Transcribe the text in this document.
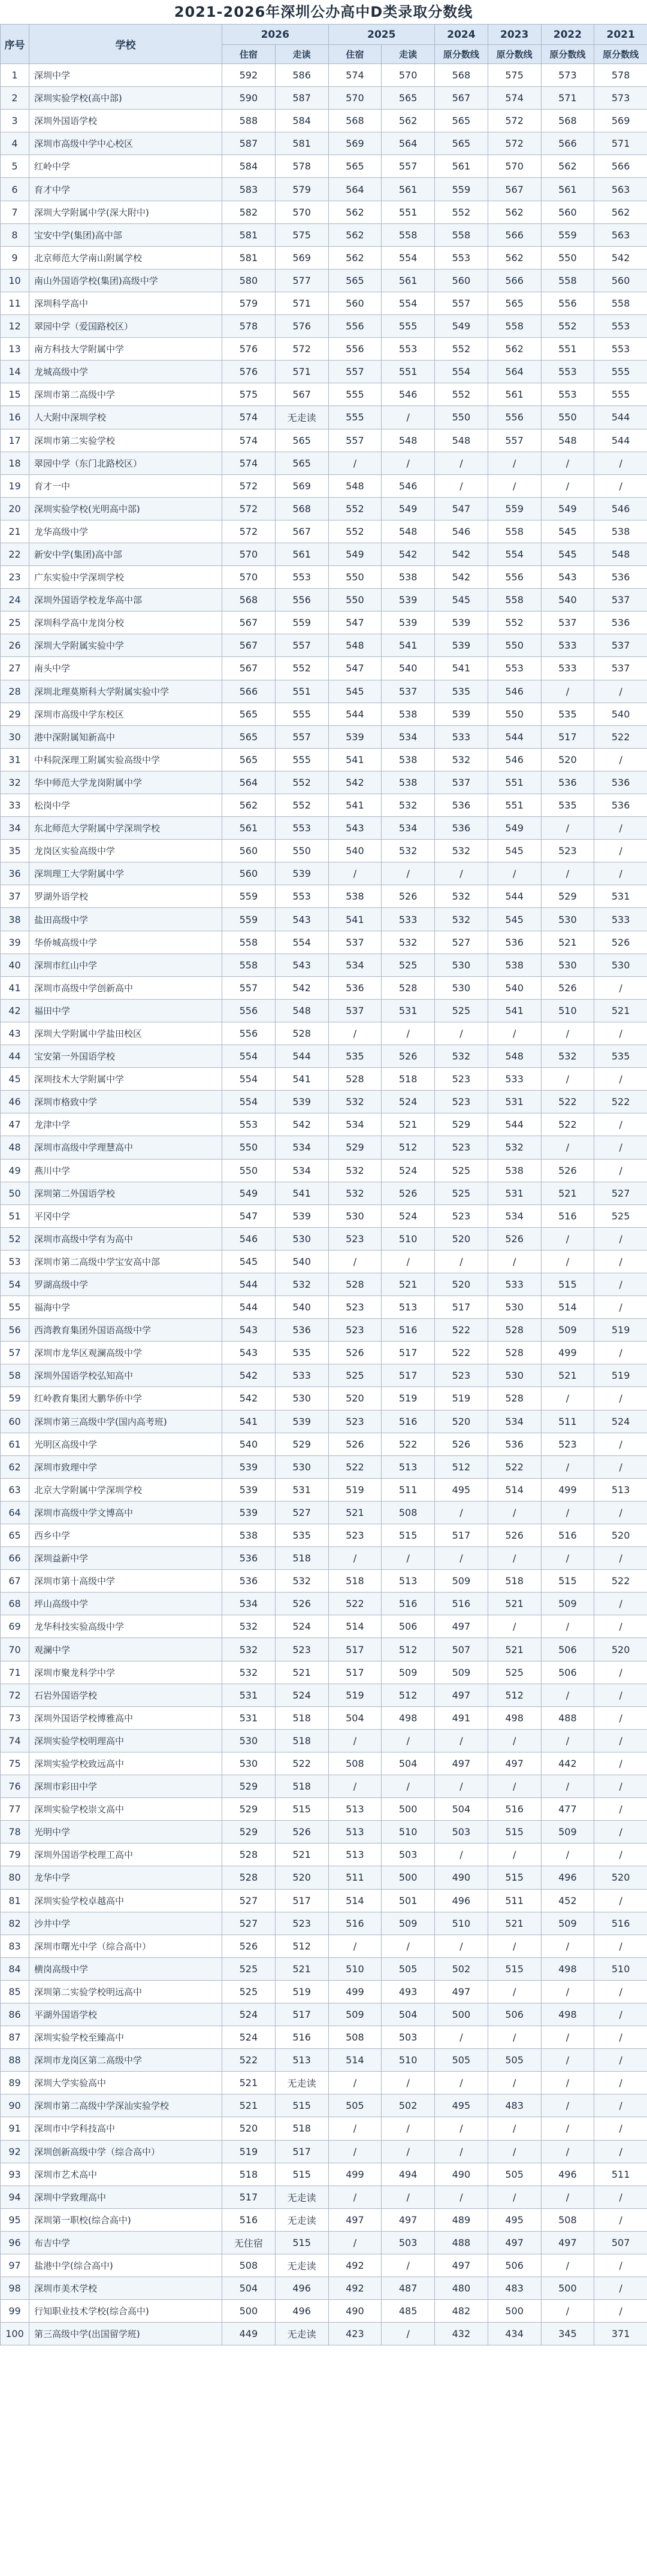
2021-2026年深圳公办高中D类录取分数线
序号	学校	2026		2025		2024	2023	2022	2021
		住宿	走读	住宿	走读	原分数线	原分数线	原分数线	原分数线
1	深圳中学	592	586	574	570	568	575	573	578
2	深圳实验学校(高中部)	590	587	570	565	567	574	571	573
3	深圳外国语学校	588	584	568	562	565	572	568	569
4	深圳市高级中学中心校区	587	581	569	564	565	572	566	571
5	红岭中学	584	578	565	557	561	570	562	566
6	育才中学	583	579	564	561	559	567	561	563
7	深圳大学附属中学(深大附中)	582	570	562	551	552	562	560	562
8	宝安中学(集团)高中部	581	575	562	558	558	566	559	563
9	北京师范大学南山附属学校	581	569	562	554	553	562	550	542
10	南山外国语学校(集团)高级中学	580	577	565	561	560	566	558	560
11	深圳科学高中	579	571	560	554	557	565	556	558
12	翠园中学（爱国路校区）	578	576	556	555	549	558	552	553
13	南方科技大学附属中学	576	572	556	553	552	562	551	553
14	龙城高级中学	576	571	557	551	554	564	553	555
15	深圳市第二高级中学	575	567	555	546	552	561	553	555
16	人大附中深圳学校	574	无走读	555	/	550	556	550	544
17	深圳市第二实验学校	574	565	557	548	548	557	548	544
18	翠园中学（东门北路校区）	574	565	/	/	/	/	/	/
19	育才一中	572	569	548	546	/	/	/	/
20	深圳实验学校(光明高中部)	572	568	552	549	547	559	549	546
21	龙华高级中学	572	567	552	548	546	558	545	538
22	新安中学(集团)高中部	570	561	549	542	542	554	545	548
23	广东实验中学深圳学校	570	553	550	538	542	556	543	536
24	深圳外国语学校龙华高中部	568	556	550	539	545	558	540	537
25	深圳科学高中龙岗分校	567	559	547	539	539	552	537	536
26	深圳大学附属实验中学	567	557	548	541	539	550	533	537
27	南头中学	567	552	547	540	541	553	533	537
28	深圳北理莫斯科大学附属实验中学	566	551	545	537	535	546	/	/
29	深圳市高级中学东校区	565	555	544	538	539	550	535	540
30	港中深附属知新高中	565	557	539	534	533	544	517	522
31	中科院深理工附属实验高级中学	565	555	541	538	532	546	520	/
32	华中师范大学龙岗附属中学	564	552	542	538	537	551	536	536
33	松岗中学	562	552	541	532	536	551	535	536
34	东北师范大学附属中学深圳学校	561	553	543	534	536	549	/	/
35	龙岗区实验高级中学	560	550	540	532	532	545	523	/
36	深圳理工大学附属中学	560	539	/	/	/	/	/	/
37	罗湖外语学校	559	553	538	526	532	544	529	531
38	盐田高级中学	559	543	541	533	532	545	530	533
39	华侨城高级中学	558	554	537	532	527	536	521	526
40	深圳市红山中学	558	543	534	525	530	538	530	530
41	深圳市高级中学创新高中	557	542	536	528	530	540	526	/
42	福田中学	556	548	537	531	525	541	510	521
43	深圳大学附属中学盐田校区	556	528	/	/	/	/	/	/
44	宝安第一外国语学校	554	544	535	526	532	548	532	535
45	深圳技术大学附属中学	554	541	528	518	523	533	/	/
46	深圳市格致中学	554	539	532	524	523	531	522	522
47	龙津中学	553	542	534	521	529	544	522	/
48	深圳市高级中学理慧高中	550	534	529	512	523	532	/	/
49	燕川中学	550	534	532	524	525	538	526	/
50	深圳第二外国语学校	549	541	532	526	525	531	521	527
51	平冈中学	547	539	530	524	523	534	516	525
52	深圳市高级中学有为高中	546	530	523	510	520	526	/	/
53	深圳市第二高级中学宝安高中部	545	540	/	/	/	/	/	/
54	罗湖高级中学	544	532	528	521	520	533	515	/
55	福海中学	544	540	523	513	517	530	514	/
56	西湾教育集团外国语高级中学	543	536	523	516	522	528	509	519
57	深圳市龙华区观澜高级中学	543	535	526	517	522	528	499	/
58	深圳外国语学校弘知高中	542	533	525	517	523	530	521	519
59	红岭教育集团大鹏华侨中学	542	530	520	519	519	528	/	/
60	深圳市第三高级中学(国内高考班)	541	539	523	516	520	534	511	524
61	光明区高级中学	540	529	526	522	526	536	523	/
62	深圳市致理中学	539	530	522	513	512	522	/	/
63	北京大学附属中学深圳学校	539	531	519	511	495	514	499	513
64	深圳市高级中学文博高中	539	527	521	508	/	/	/	/
65	西乡中学	538	535	523	515	517	526	516	520
66	深圳益新中学	536	518	/	/	/	/	/	/
67	深圳市第十高级中学	536	532	518	513	509	518	515	522
68	坪山高级中学	534	526	522	516	516	521	509	/
69	龙华科技实验高级中学	532	524	514	506	497	/	/	/
70	观澜中学	532	523	517	512	507	521	506	520
71	深圳市聚龙科学中学	532	521	517	509	509	525	506	/
72	石岩外国语学校	531	524	519	512	497	512	/	/
73	深圳外国语学校博雅高中	531	518	504	498	491	498	488	/
74	深圳实验学校明理高中	530	518	/	/	/	/	/	/
75	深圳实验学校致远高中	530	522	508	504	497	497	442	/
76	深圳市彩田中学	529	518	/	/	/	/	/	/
77	深圳实验学校崇文高中	529	515	513	500	504	516	477	/
78	光明中学	529	526	513	510	503	515	509	/
79	深圳外国语学校理工高中	528	521	513	503	/	/	/	/
80	龙华中学	528	520	511	500	490	515	496	520
81	深圳实验学校卓越高中	527	517	514	501	496	511	452	/
82	沙井中学	527	523	516	509	510	521	509	516
83	深圳市曙光中学（综合高中）	526	512	/	/	/	/	/	/
84	横岗高级中学	525	521	510	505	502	515	498	510
85	深圳第二实验学校明远高中	525	519	499	493	497	/	/	/
86	平湖外国语学校	524	517	509	504	500	506	498	/
87	深圳实验学校至臻高中	524	516	508	503	/	/	/	/
88	深圳市龙岗区第二高级中学	522	513	514	510	505	505	/	/
89	深圳大学实验高中	521	无走读	/	/	/	/	/	/
90	深圳市第二高级中学深汕实验学校	521	515	505	502	495	483	/	/
91	深圳市中学科技高中	520	518	/	/	/	/	/	/
92	深圳创新高级中学（综合高中）	519	517	/	/	/	/	/	/
93	深圳市艺术高中	518	515	499	494	490	505	496	511
94	深圳中学致理高中	517	无走读	/	/	/	/	/	/
95	深圳第一职校(综合高中)	516	无走读	497	497	489	495	508	/
96	布吉中学	无住宿	515	/	503	488	497	497	507
97	盐港中学(综合高中)	508	无走读	492	/	497	506	/	/
98	深圳市美术学校	504	496	492	487	480	483	500	/
99	行知职业技术学校(综合高中)	500	496	490	485	482	500	/	/
100	第三高级中学(出国留学班)	449	无走读	423	/	432	434	345	371
